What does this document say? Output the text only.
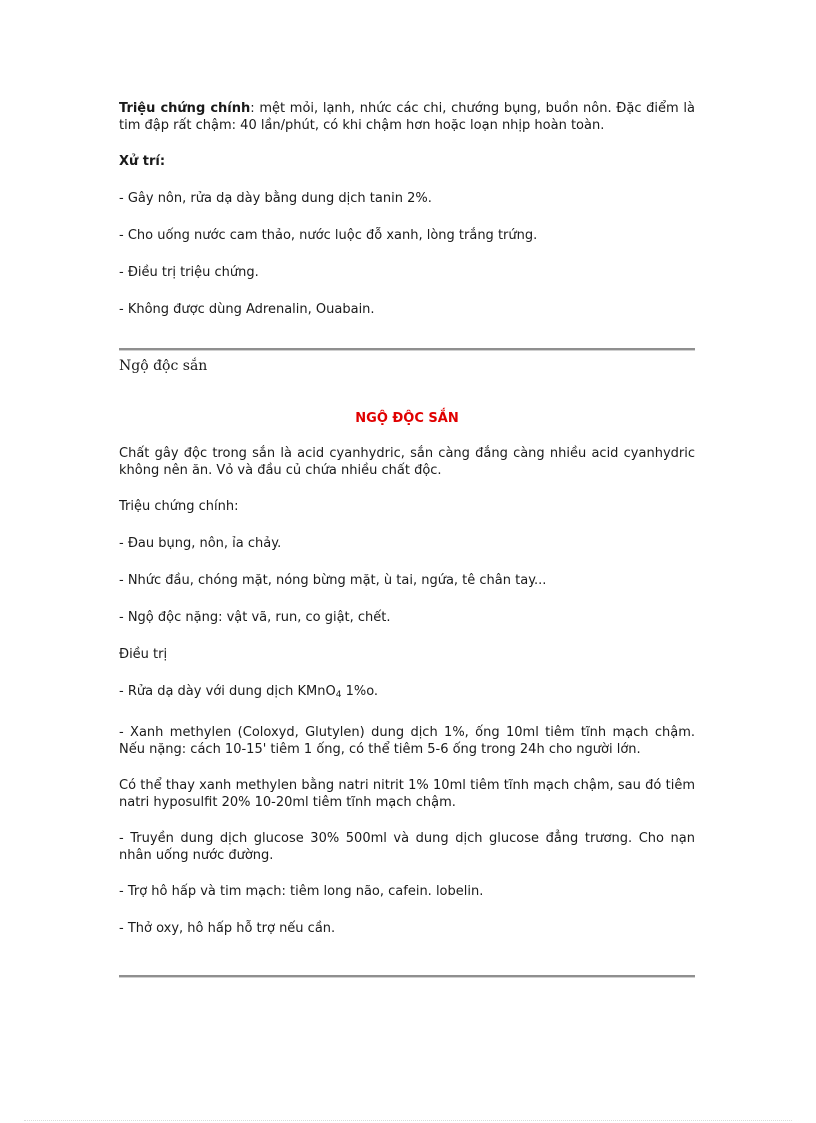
Triệu chứng chính: mệt mỏi, lạnh, nhức các chi, chướng bụng, buồn nôn. Đặc điểm là tim đập rất chậm: 40 lần/phút, có khi chậm hơn hoặc loạn nhịp hoàn toàn.

Xử trí:

- Gây nôn, rửa dạ dày bằng dung dịch tanin 2%.

- Cho uống nước cam thảo, nước luộc đỗ xanh, lòng trắng trứng.

- Điều trị triệu chứng.

- Không được dùng Adrenalin, Ouabain.

Ngộ độc sắn

NGỘ ĐỘC SẮN

Chất gây độc trong sắn là acid cyanhydric, sắn càng đắng càng nhiều acid cyanhydric không nên ăn. Vỏ và đầu củ chứa nhiều chất độc.

Triệu chứng chính:

- Đau bụng, nôn, ỉa chảy.

- Nhức đầu, chóng mặt, nóng bừng mặt, ù tai, ngứa, tê chân tay...

- Ngộ độc nặng: vật vã, run, co giật, chết.

Điều trị

- Rửa dạ dày với dung dịch KMnO$_4$ 1%o.

- Xanh methylen (Coloxyd, Glutylen) dung dịch 1%, ống 10ml tiêm tĩnh mạch chậm. Nếu nặng: cách 10-15' tiêm 1 ống, có thể tiêm 5-6 ống trong 24h cho người lớn.

Có thể thay xanh methylen bằng natri nitrit 1% 10ml tiêm tĩnh mạch chậm, sau đó tiêm natri hyposulfit 20% 10-20ml tiêm tĩnh mạch chậm.

- Truyền dung dịch glucose 30% 500ml và dung dịch glucose đẳng trương. Cho nạn nhân uống nước đường.

- Trợ hô hấp và tim mạch: tiêm long não, cafein. lobelin.

- Thở oxy, hô hấp hỗ trợ nếu cần.
